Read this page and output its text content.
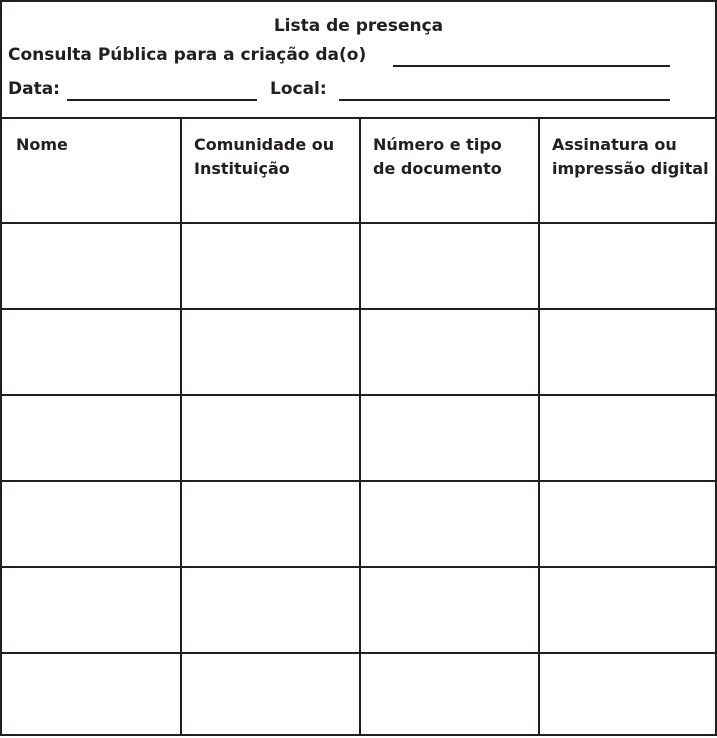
Lista de presença
Consulta Pública para a criação da(o)
Data:	Local:
Nome	Comunidade ou
Instituição
Número e tipo
de documento
Assinatura ou
impressão digital
